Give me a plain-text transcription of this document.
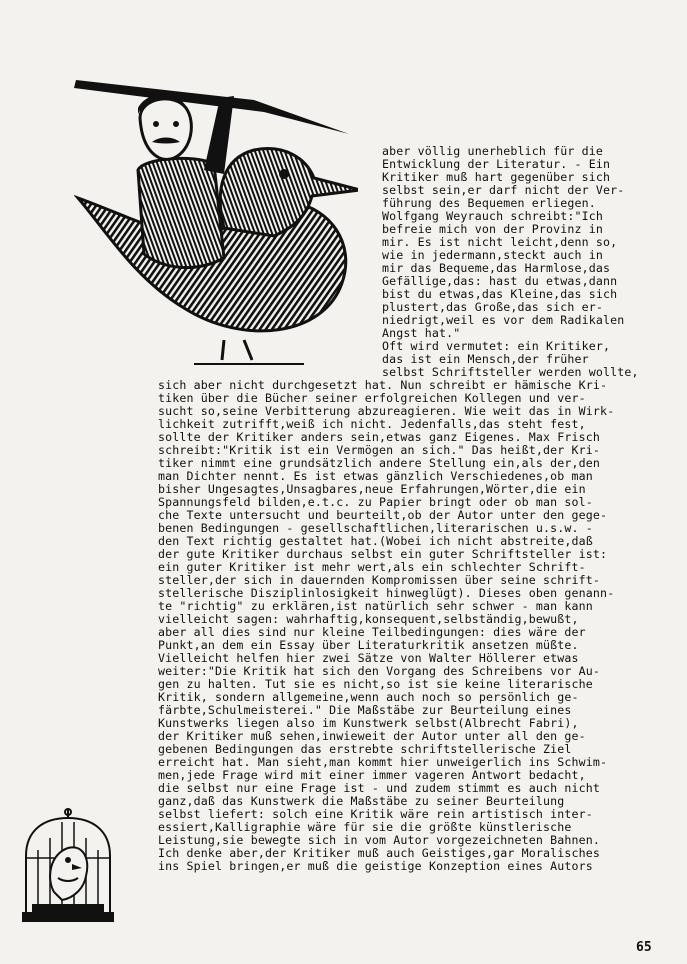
aber völlig unerheblich für die
Entwicklung der Literatur. - Ein
Kritiker muß hart gegenüber sich
selbst sein,er darf nicht der Ver-
führung des Bequemen erliegen.
Wolfgang Weyrauch schreibt:"Ich
befreie mich von der Provinz in
mir. Es ist nicht leicht,denn so,
wie in jedermann,steckt auch in
mir das Bequeme,das Harmlose,das
Gefällige,das: hast du etwas,dann
bist du etwas,das Kleine,das sich
plustert,das Große,das sich er-
niedrigt,weil es vor dem Radikalen
Angst hat."
Oft wird vermutet: ein Kritiker,
das ist ein Mensch,der früher
selbst Schriftsteller werden wollte,
sich aber nicht durchgesetzt hat. Nun schreibt er hämische Kri-
tiken über die Bücher seiner erfolgreichen Kollegen und ver-
sucht so,seine Verbitterung abzureagieren. Wie weit das in Wirk-
lichkeit zutrifft,weiß ich nicht. Jedenfalls,das steht fest,
sollte der Kritiker anders sein,etwas ganz Eigenes. Max Frisch
schreibt:"Kritik ist ein Vermögen an sich." Das heißt,der Kri-
tiker nimmt eine grundsätzlich andere Stellung ein,als der,den
man Dichter nennt. Es ist etwas gänzlich Verschiedenes,ob man
bisher Ungesagtes,Unsagbares,neue Erfahrungen,Wörter,die ein
Spannungsfeld bilden,e.t.c. zu Papier bringt oder ob man sol-
che Texte untersucht und beurteilt,ob der Autor unter den gege-
benen Bedingungen - gesellschaftlichen,literarischen u.s.w. -
den Text richtig gestaltet hat.(Wobei ich nicht abstreite,daß
der gute Kritiker durchaus selbst ein guter Schriftsteller ist:
ein guter Kritiker ist mehr wert,als ein schlechter Schrift-
steller,der sich in dauernden Kompromissen über seine schrift-
stellerische Disziplinlosigkeit hinweglügt). Dieses oben genann-
te "richtig" zu erklären,ist natürlich sehr schwer - man kann
vielleicht sagen: wahrhaftig,konsequent,selbständig,bewußt,
aber all dies sind nur kleine Teilbedingungen: dies wäre der
Punkt,an dem ein Essay über Literaturkritik ansetzen müßte.
Vielleicht helfen hier zwei Sätze von Walter Höllerer etwas
weiter:"Die Kritik hat sich den Vorgang des Schreibens vor Au-
gen zu halten. Tut sie es nicht,so ist sie keine literarische
Kritik, sondern allgemeine,wenn auch noch so persönlich ge-
färbte,Schulmeisterei." Die Maßstäbe zur Beurteilung eines
Kunstwerks liegen also im Kunstwerk selbst(Albrecht Fabri),
der Kritiker muß sehen,inwieweit der Autor unter all den ge-
gebenen Bedingungen das erstrebte schriftstellerische Ziel
erreicht hat. Man sieht,man kommt hier unweigerlich ins Schwim-
men,jede Frage wird mit einer immer vageren Antwort bedacht,
die selbst nur eine Frage ist - und zudem stimmt es auch nicht
ganz,daß das Kunstwerk die Maßstäbe zu seiner Beurteilung
selbst liefert: solch eine Kritik wäre rein artistisch inter-
essiert,Kalligraphie wäre für sie die größte künstlerische
Leistung,sie bewegte sich in vom Autor vorgezeichneten Bahnen.
Ich denke aber,der Kritiker muß auch Geistiges,gar Moralisches
ins Spiel bringen,er muß die geistige Konzeption eines Autors
65
